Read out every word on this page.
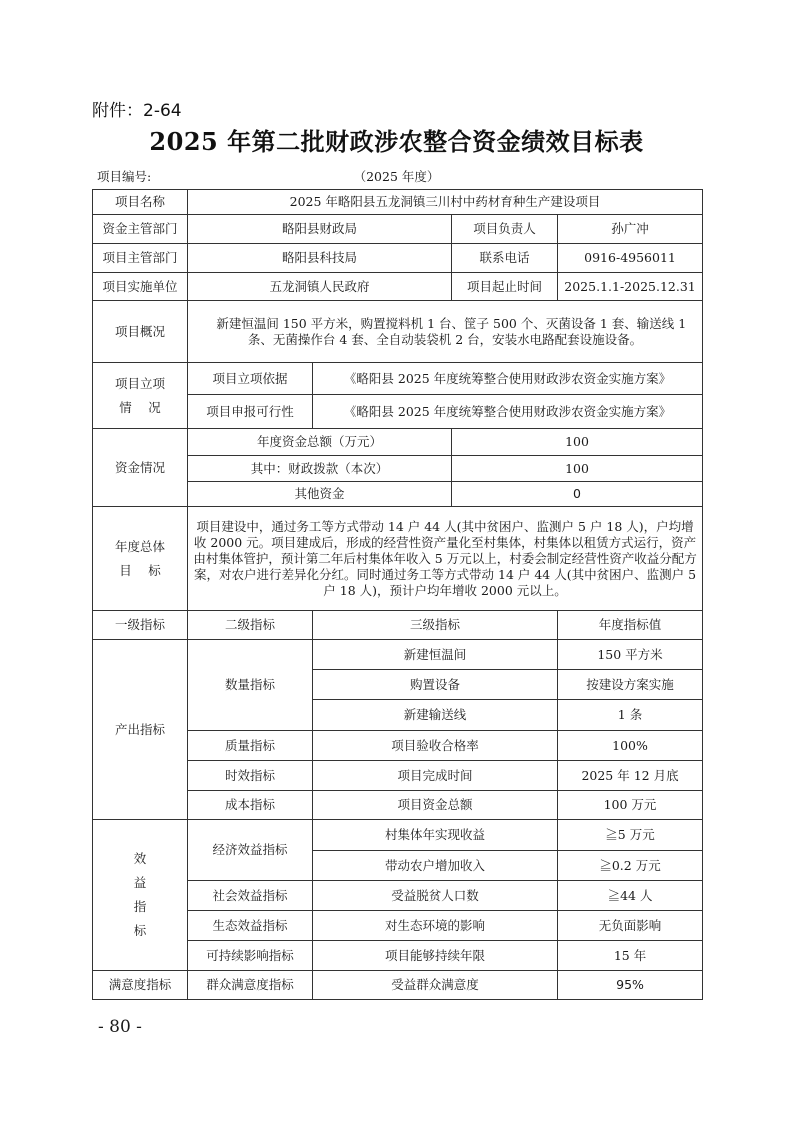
附件：2-64
2025 年第二批财政涉农整合资金绩效目标表
项目编号:	（2025 年度）
项目名称	2025 年略阳县五龙洞镇三川村中药材育种生产建设项目			
资金主管部门	略阳县财政局		项目负责人	孙广冲
项目主管部门	略阳县科技局		联系电话	0916-4956011
项目实施单位	五龙洞镇人民政府		项目起止时间	2025.1.1-2025.12.31
项目概况	新建恒温间 150 平方米，购置搅料机 1 台、筐子 500 个、灭菌设备 1 套、输送线 1 条、无菌操作台 4 套、全自动装袋机 2 台，安装水电路配套设施设备。			

项目立项
情　 况	项目立项依据	《略阳县 2025 年度统筹整合使用财政涉农资金实施方案》		
	项目申报可行性	《略阳县 2025 年度统筹整合使用财政涉农资金实施方案》		
资金情况	年度资金总额（万元）		100	
	其中：财政拨款（本次）		100	
	其他资金		0	

年度总体
目　 标	项目建设中，通过务工等方式带动 14 户 44 人(其中贫困户、监测户 5 户 18 人)，户均增收 2000 元。项目建成后，形成的经营性资产量化至村集体，村集体以租赁方式运行，资产由村集体管护，预计第二年后村集体年收入 5 万元以上，村委会制定经营性资产收益分配方案，对农户进行差异化分红。同时通过务工等方式带动 14 户 44 人(其中贫困户、监测户 5 户 18 人)，预计户均年增收 2000 元以上。			
一级指标	二级指标	三级指标		年度指标值
产出指标	数量指标	新建恒温间		150 平方米
		购置设备		按建设方案实施
		新建输送线		1 条
	质量指标	项目验收合格率		100%
	时效指标	项目完成时间		2025 年 12 月底
	成本指标	项目资金总额		100 万元

效
益
指
标	经济效益指标	村集体年实现收益		≧5 万元
		带动农户增加收入		≧0.2 万元
	社会效益指标	受益脱贫人口数		≧44 人
	生态效益指标	对生态环境的影响		无负面影响
	可持续影响指标	项目能够持续年限		15 年
满意度指标	群众满意度指标	受益群众满意度		95%
- 80 -
